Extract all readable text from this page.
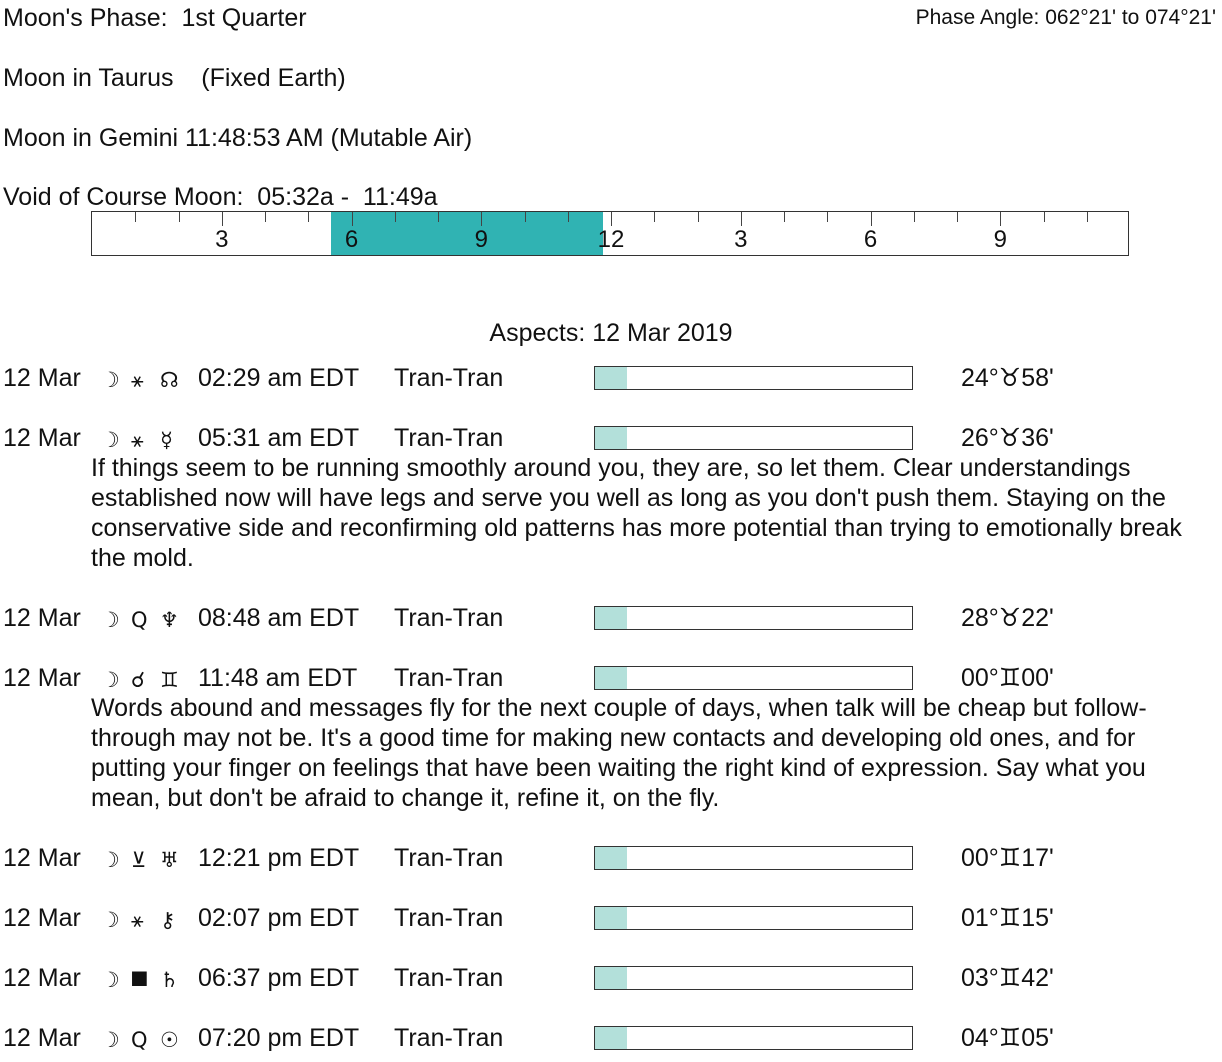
Moon's Phase: 1st Quarter	Phase Angle: 062°21' to 074°21'
Moon in Taurus    (Fixed Earth)
Moon in Gemini 11:48:53 AM (Mutable Air)
Void of Course Moon:  05:32a -  11:49a
3	6	9	12	3	6	9
Aspects: 12 Mar 2019
12 Mar ☽ ⚹ ☊ 02:29 am EDT Tran-Tran	24°♉58'
12 Mar ☽ ⚹ ☿ 05:31 am EDT Tran-Tran	26°♉36'
If things seem to be running smoothly around you, they are, so let them. Clear understandings established now will have legs and serve you well as long as you don't push them. Staying on the conservative side and reconfirming old patterns has more potential than trying to emotionally break the mold.
12 Mar ☽ Q ♆ 08:48 am EDT Tran-Tran	28°♉22'
12 Mar ☽ ☌ ♊ 11:48 am EDT Tran-Tran	00°♊00'
Words abound and messages fly for the next couple of days, when talk will be cheap but follow-through may not be. It's a good time for making new contacts and developing old ones, and for putting your finger on feelings that have been waiting the right kind of expression. Say what you mean, but don't be afraid to change it, refine it, on the fly.
12 Mar ☽ ⊻ ♅ 12:21 pm EDT Tran-Tran	00°♊17'
12 Mar ☽ ⚹ ⚷ 02:07 pm EDT Tran-Tran	01°♊15'
12 Mar ☽ ⯀ ♄ 06:37 pm EDT Tran-Tran	03°♊42'
12 Mar ☽ Q ☉ 07:20 pm EDT Tran-Tran	04°♊05'
